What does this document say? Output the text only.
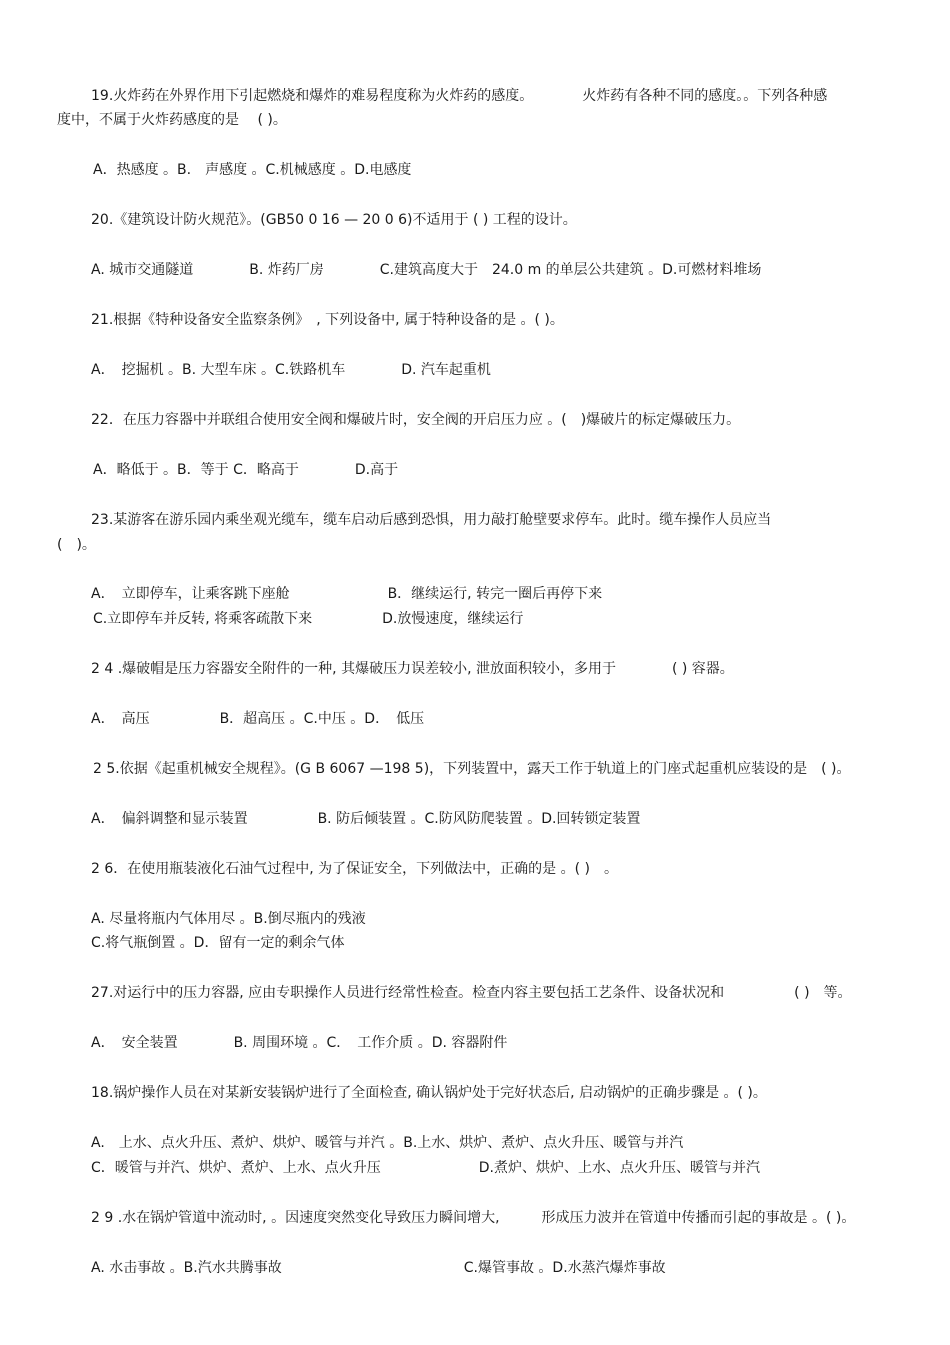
19.火炸药在外界作用下引起燃烧和爆炸的难易程度称为火炸药的感度。　　　　火炸药有各种不同的感度。。下列各种感
度中，不属于火炸药感度的是　 ( )。
A．热感度 。B.　声感度 。C.机械感度 。D.电感度
20.《建筑设计防火规范》。(GB50 0 16 — 20 0 6)不适用于 ( ) 工程的设计。
A. 城市交通隧道　　　　B. 炸药厂房　　　　C.建筑高度大于　24.0 m 的单层公共建筑 。D.可燃材料堆场
21.根据《特种设备安全监察条例》　, 下列设备中, 属于特种设备的是 。( )。
A．　挖掘机 。B. 大型车床 。C.铁路机车　　　　D. 汽车起重机
22．在压力容器中并联组合使用安全阀和爆破片时，安全阀的开启压力应 。(　)爆破片的标定爆破压力。
A．略低于 。B．等于 C．略高于　　　　D.高于
23.某游客在游乐园内乘坐观光缆车，缆车启动后感到恐惧，用力敲打舱壁要求停车。此时。缆车操作人员应当
(　)。
A．　立即停车，让乘客跳下座舱　　　　　　　B．继续运行, 转完一圈后再停下来
C.立即停车并反转, 将乘客疏散下来　　　　　D.放慢速度，继续运行
2 4 .爆破帽是压力容器安全附件的一种, 其爆破压力误差较小, 泄放面积较小，多用于　　　　( ) 容器。
A．　高压　　　　　B．超高压 。C.中压 。D．　低压
2 5.依据《起重机械安全规程》。(G B 6067 —198 5)，下列装置中，露天工作于轨道上的门座式起重机应装设的是　( )。
A．　偏斜调整和显示装置　　　　　B. 防后倾装置 。C.防风防爬装置 。D.回转锁定装置
2 6．在使用瓶装液化石油气过程中, 为了保证安全，下列做法中，正确的是 。( )　。
A. 尽量将瓶内气体用尽 。B.倒尽瓶内的残液
C.将气瓶倒置 。D．留有一定的剩余气体
27.对运行中的压力容器, 应由专职操作人员进行经常性检查。检查内容主要包括工艺条件、设备状况和　　　　　( )　等。
A．　安全装置　　　　B. 周围环境 。C．　工作介质 。D. 容器附件
18.锅炉操作人员在对某新安装锅炉进行了全面检查, 确认锅炉处于完好状态后, 启动锅炉的正确步骤是 。( )。
A.　上水、点火升压、煮炉、烘炉、暖管与并汽 。B.上水、烘炉、煮炉、点火升压、暖管与并汽
C．暖管与并汽、烘炉、煮炉、上水、点火升压　　　　　　　D.煮炉、烘炉、上水、点火升压、暖管与并汽
2 9 .水在锅炉管道中流动时, 。因速度突然变化导致压力瞬间增大,　　　形成压力波并在管道中传播而引起的事故是 。( )。
A. 水击事故 。B.汽水共腾事故　　　　　　　　　　　　　C.爆管事故 。D.水蒸汽爆炸事故
